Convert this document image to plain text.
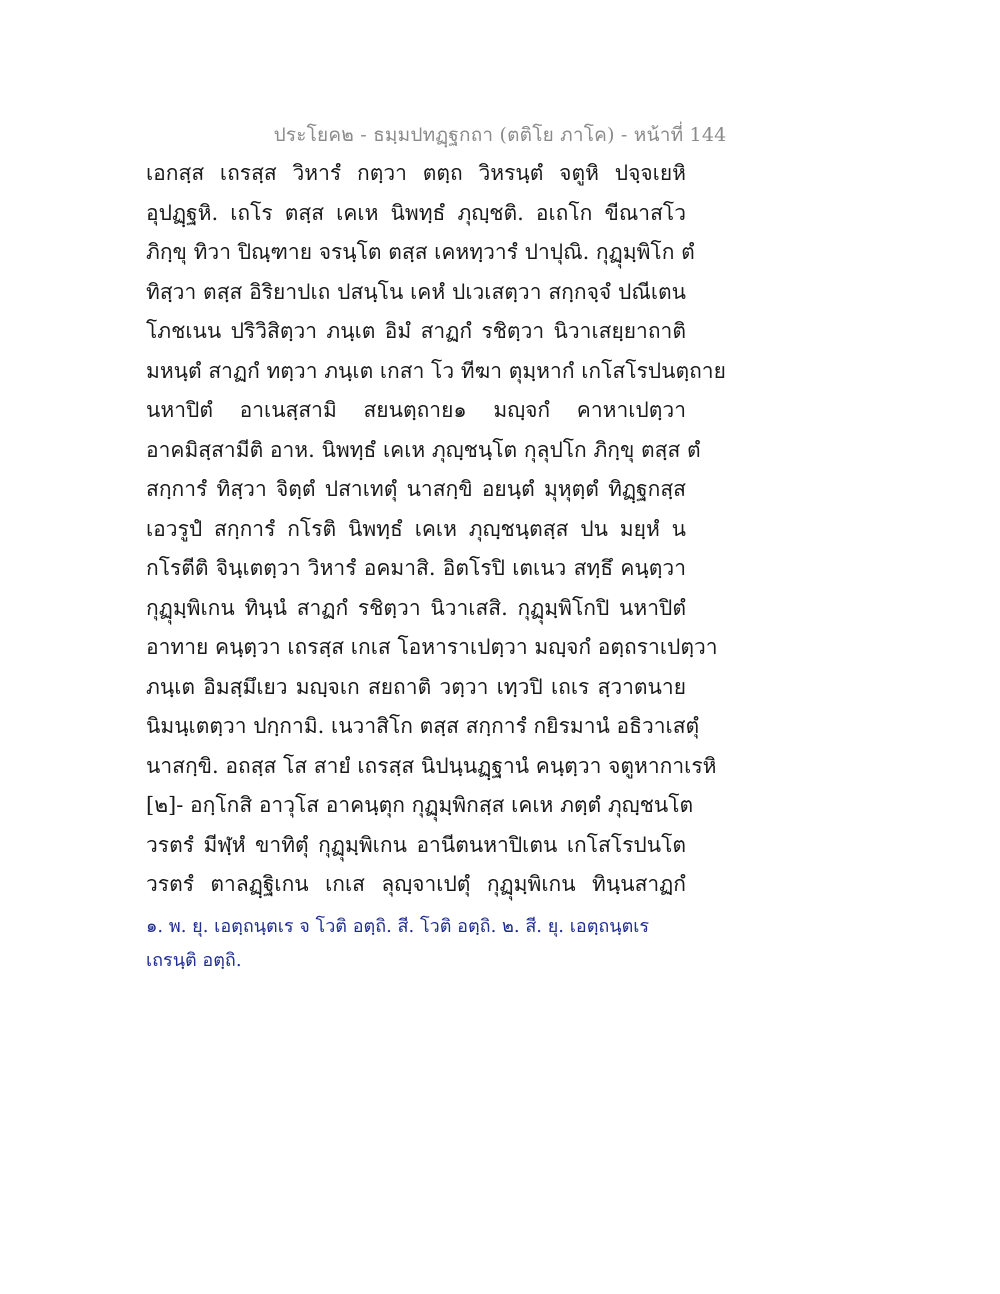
ประโยค๒ - ธมฺมปทฏฺฐกถา (ตติโย ภาโค) - หน้าที่ 144
เอกสฺส เถรสฺส วิหารํ กตฺวา ตตฺถ วิหรนฺตํ จตูหิ ปจฺจเยหิ
อุปฏฺฐหิ. เถโร ตสฺส เคเห นิพทฺธํ ภุญฺชติ. อเถโก ขีณาสโว
ภิกฺขุ ทิวา ปิณฺฑาย จรนฺโต ตสฺส เคหทฺวารํ ปาปุณิ. กุฏุมฺพิโก ตํ
ทิสฺวา ตสฺส อิริยาปเถ ปสนฺโน เคหํ ปเวเสตฺวา สกฺกจฺจํ ปณีเตน
โภชเนน ปริวิสิตฺวา ภนฺเต อิมํ สาฏกํ รชิตฺวา นิวาเสยฺยาถาติ
มหนฺตํ สาฏกํ ทตฺวา ภนฺเต เกสา โว ทีฆา ตุมฺหากํ เกโสโรปนตฺถาย
นหาปิตํ อาเนสฺสามิ สยนตฺถาย๑ มญฺจกํ คาหาเปตฺวา
อาคมิสฺสามีติ อาห. นิพทฺธํ เคเห ภุญฺชนฺโต กุลุปโก ภิกฺขุ ตสฺส ตํ
สกฺการํ ทิสฺวา จิตฺตํ ปสาเทตุํ นาสกฺขิ อยนฺตํ มุหุตฺตํ ทิฏฺฐกสฺส
เอวรูปํ สกฺการํ กโรติ นิพทฺธํ เคเห ภุญฺชนฺตสฺส ปน มยฺหํ น
กโรตีติ จินฺเตตฺวา วิหารํ อคมาสิ. อิตโรปิ เตเนว สทฺธึ คนฺตฺวา
กุฏุมฺพิเกน ทินฺนํ สาฏกํ รชิตฺวา นิวาเสสิ. กุฏุมฺพิโกปิ นหาปิตํ
อาทาย คนฺตฺวา เถรสฺส เกเส โอหาราเปตฺวา มญฺจกํ อตฺถราเปตฺวา
ภนฺเต อิมสฺมึเยว มญฺจเก สยถาติ วตฺวา เทฺวปิ เถเร สฺวาตนาย
นิมนฺเตตฺวา ปกฺกามิ. เนวาสิโก ตสฺส สกฺการํ กยิรมานํ อธิวาเสตุํ
นาสกฺขิ. อถสฺส โส สายํ เถรสฺส นิปนฺนฏฺฐานํ คนฺตฺวา จตูหากาเรหิ
[๒]- อกฺโกสิ อาวุโส อาคนฺตุก กุฏุมฺพิกสฺส เคเห ภตฺตํ ภุญฺชนโต
วรตรํ มีฬฺหํ ขาทิตุํ กุฏุมฺพิเกน อานีตนหาปิเตน เกโสโรปนโต
วรตรํ ตาลฏฺฐิเกน เกเส ลุญฺจาเปตุํ กุฏุมฺพิเกน ทินฺนสาฏกํ
๑. พ. ยุ. เอตฺถนฺตเร จ โวติ อตฺถิ. สี. โวติ อตฺถิ. ๒. สี. ยุ. เอตฺถนฺตเร
เถรนฺติ อตฺถิ.
